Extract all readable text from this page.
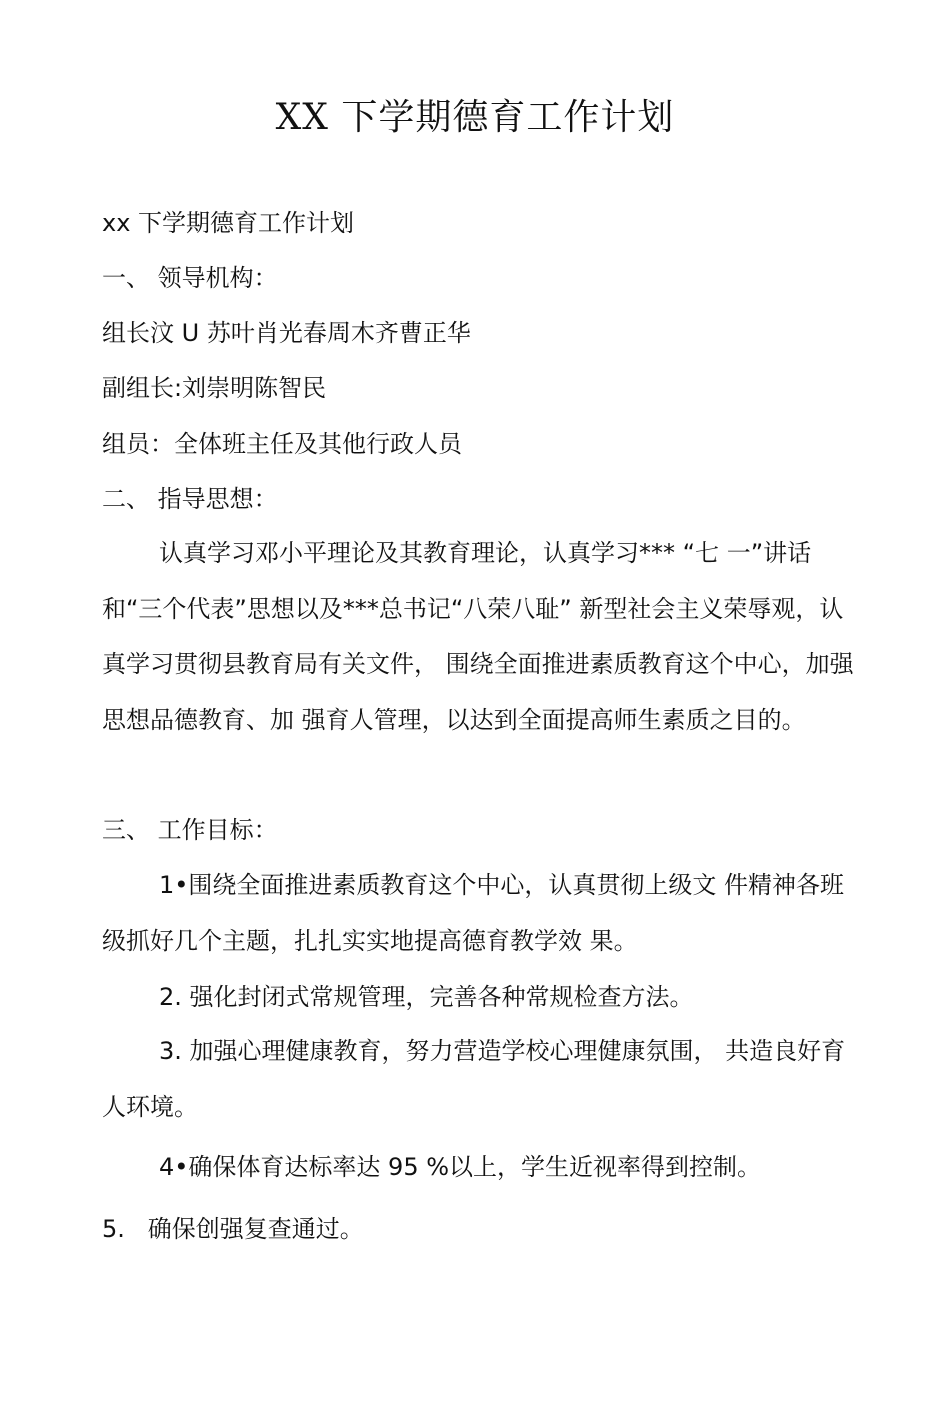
XX 下学期德育工作计划

xx 下学期德育工作计划

一、 领导机构：

组长汶 U 苏叶肖光春周木齐曹正华

副组长:刘崇明陈智民

组员：全体班主任及其他行政人员

二、 指导思想：

认真学习邓小平理论及其教育理论，认真学习*** “七 一”讲话和“三个代表”思想以及***总书记“八荣八耻” 新型社会主义荣辱观，认真学习贯彻县教育局有关文件， 围绕全面推进素质教育这个中心，加强思想品德教育、加 强育人管理，以达到全面提高师生素质之目的。

三、 工作目标：

1•围绕全面推进素质教育这个中心，认真贯彻上级文 件精神各班级抓好几个主题，扎扎实实地提高德育教学效 果。

2. 强化封闭式常规管理，完善各种常规检查方法。

3. 加强心理健康教育，努力营造学校心理健康氛围， 共造良好育人环境。

4•确保体育达标率达 95 %以上，学生近视率得到控制。

5.   确保创强复查通过。
